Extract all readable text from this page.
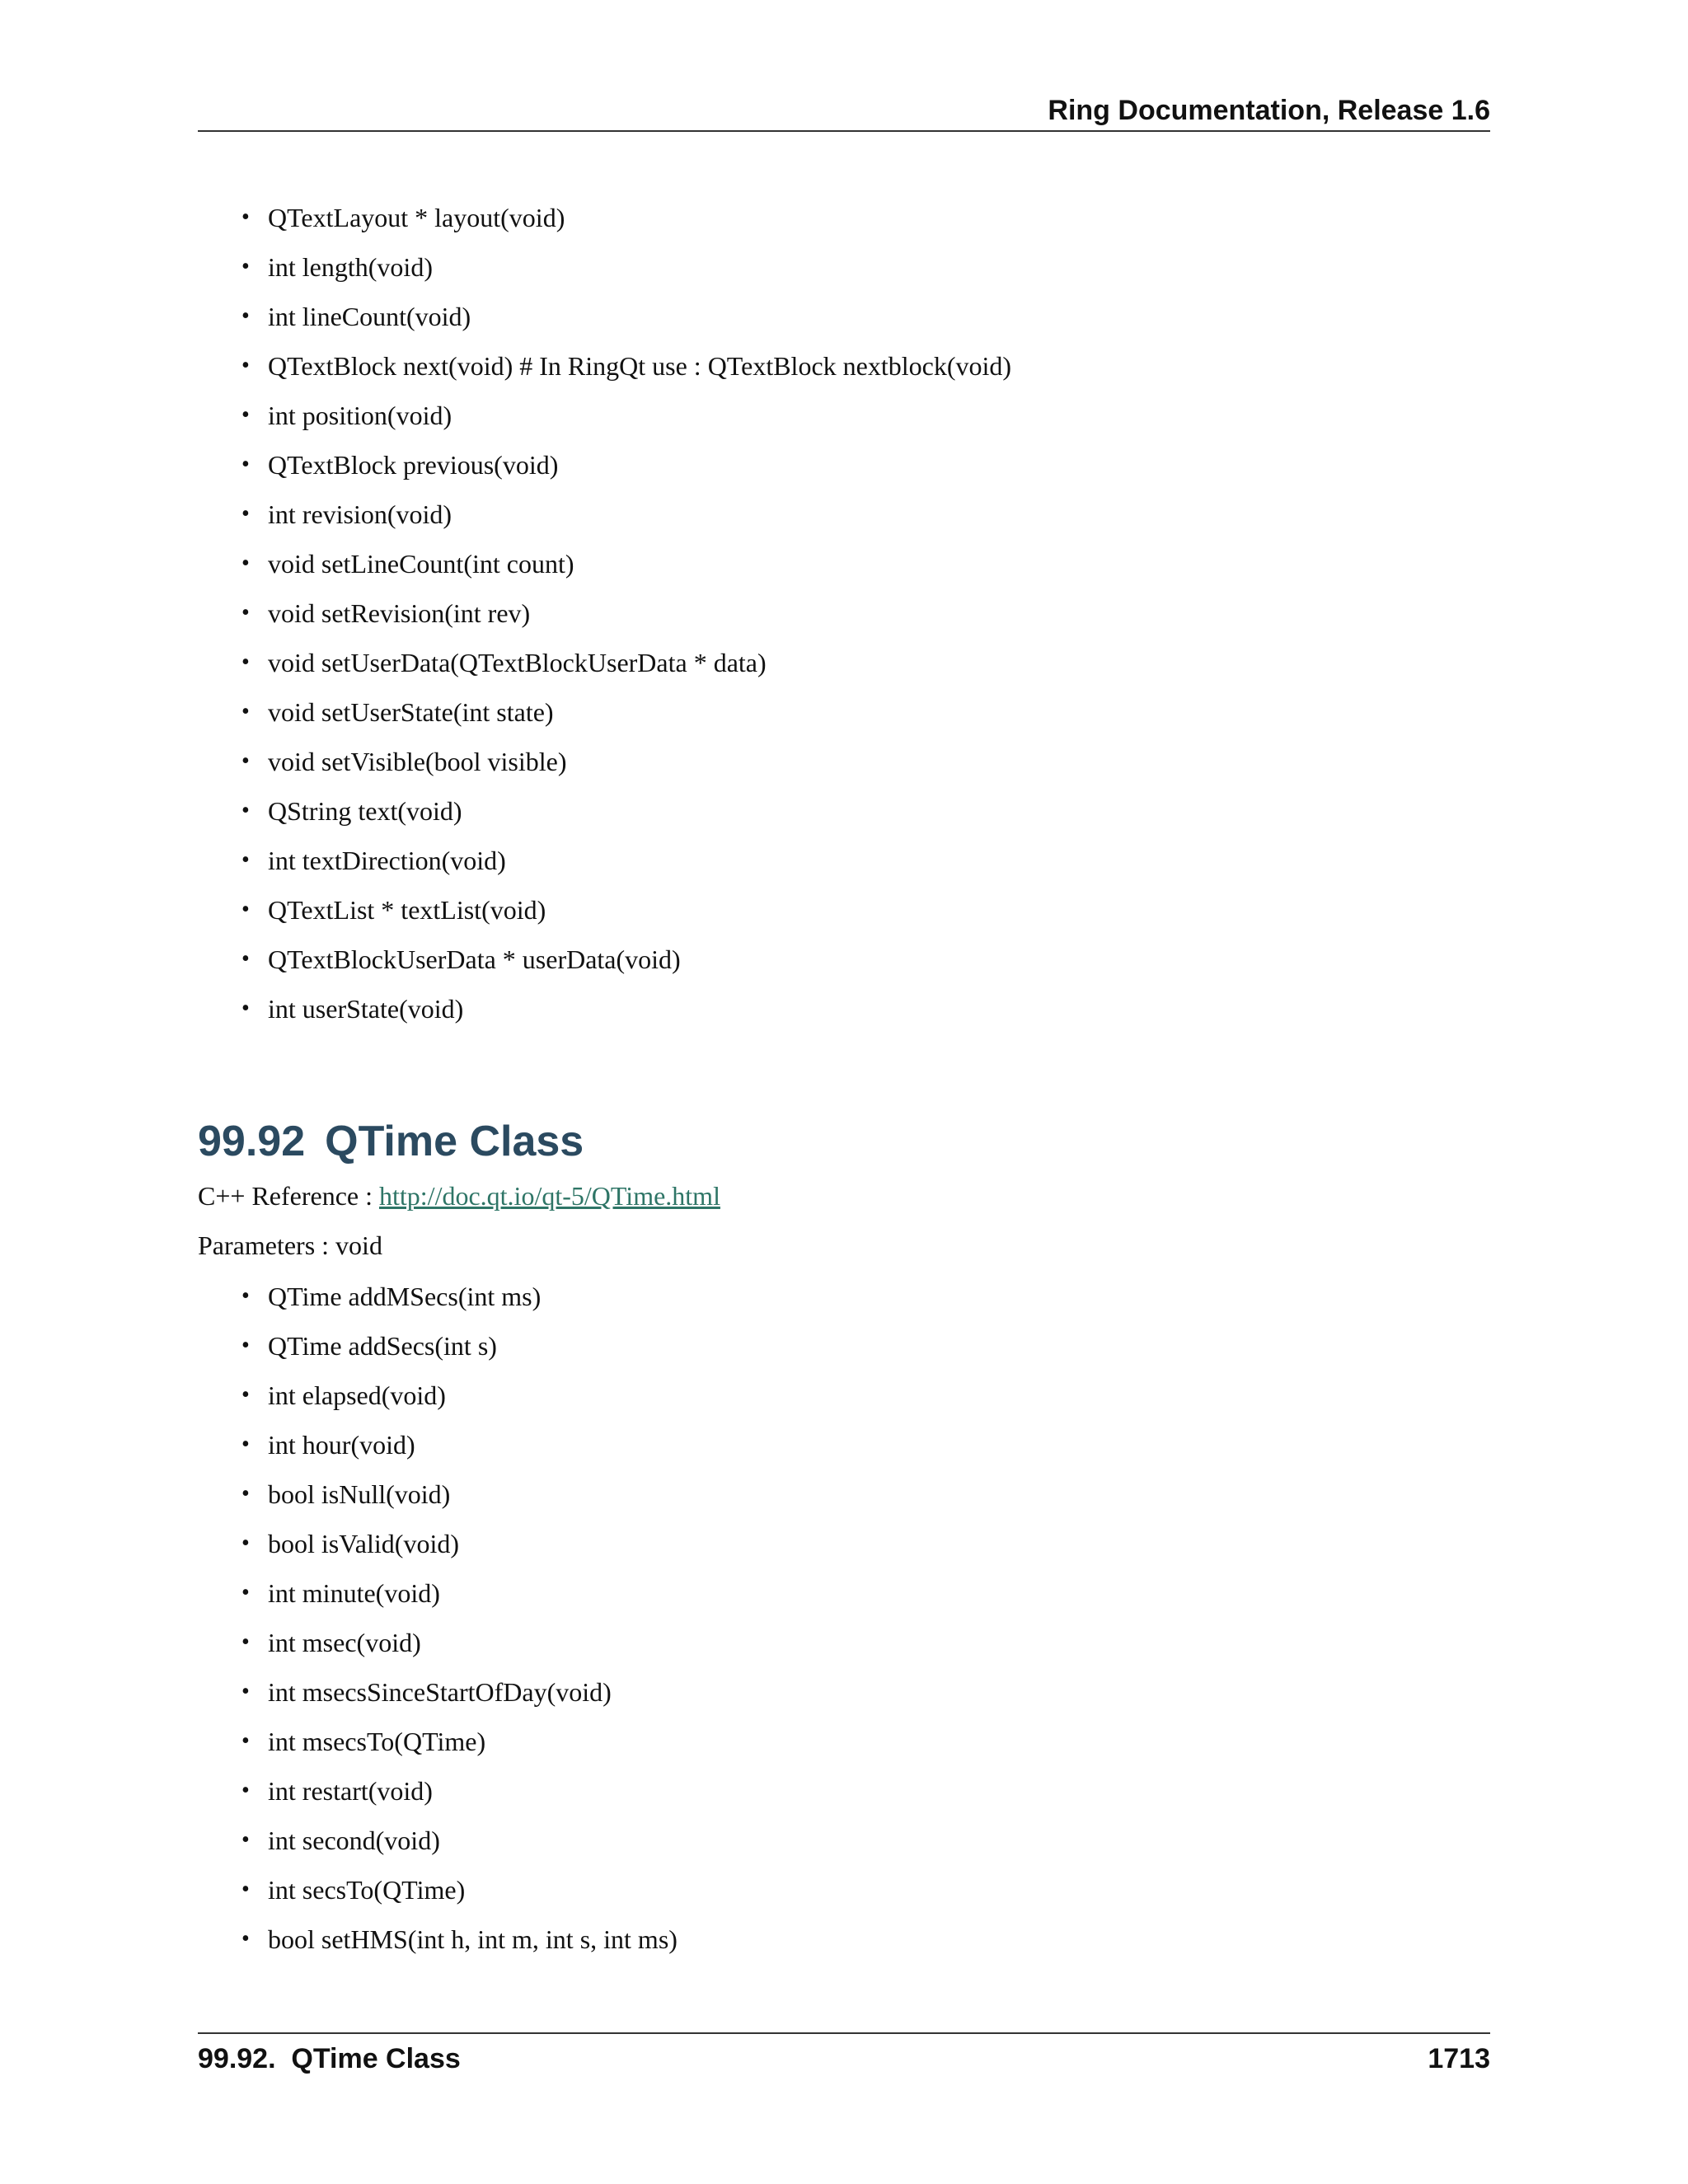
Ring Documentation, Release 1.6
• QTextLayout * layout(void)
• int length(void)
• int lineCount(void)
• QTextBlock next(void) # In RingQt use : QTextBlock nextblock(void)
• int position(void)
• QTextBlock previous(void)
• int revision(void)
• void setLineCount(int count)
• void setRevision(int rev)
• void setUserData(QTextBlockUserData * data)
• void setUserState(int state)
• void setVisible(bool visible)
• QString text(void)
• int textDirection(void)
• QTextList * textList(void)
• QTextBlockUserData * userData(void)
• int userState(void)
99.92 QTime Class
C++ Reference : http://doc.qt.io/qt-5/QTime.html
Parameters : void
• QTime addMSecs(int ms)
• QTime addSecs(int s)
• int elapsed(void)
• int hour(void)
• bool isNull(void)
• bool isValid(void)
• int minute(void)
• int msec(void)
• int msecsSinceStartOfDay(void)
• int msecsTo(QTime)
• int restart(void)
• int second(void)
• int secsTo(QTime)
• bool setHMS(int h, int m, int s, int ms)
99.92.  QTime Class	1713
